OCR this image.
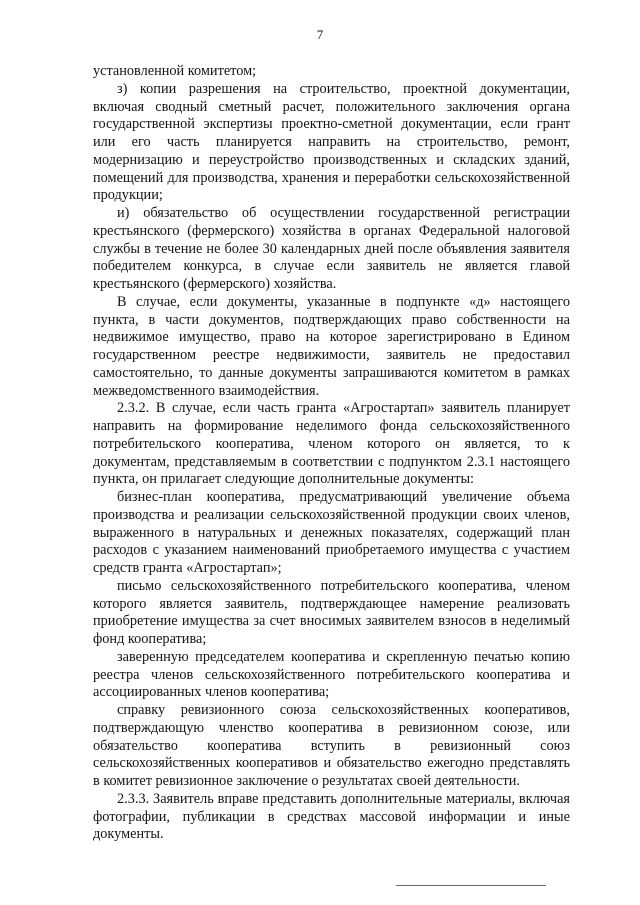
7

установленной комитетом;

з) копии разрешения на строительство, проектной документации, включая сводный сметный расчет, положительного заключения органа государственной экспертизы проектно-сметной документации, если грант или его часть планируется направить на строительство, ремонт, модернизацию и переустройство производственных и складских зданий, помещений для производства, хранения и переработки сельскохозяйственной продукции;

и) обязательство об осуществлении государственной регистрации крестьянского (фермерского) хозяйства в органах Федеральной налоговой службы в течение не более 30 календарных дней после объявления заявителя победителем конкурса, в случае если заявитель не является главой крестьянского (фермерского) хозяйства.

В случае, если документы, указанные в подпункте «д» настоящего пункта, в части документов, подтверждающих право собственности на недвижимое имущество, право на которое зарегистрировано в Едином государственном реестре недвижимости, заявитель не предоставил самостоятельно, то данные документы запрашиваются комитетом в рамках межведомственного взаимодействия.

2.3.2. В случае, если часть гранта «Агростартап» заявитель планирует направить на формирование неделимого фонда сельскохозяйственного потребительского кооператива, членом которого он является, то к документам, представляемым в соответствии с подпунктом 2.3.1 настоящего пункта, он прилагает следующие дополнительные документы:

бизнес-план кооператива, предусматривающий увеличение объема производства и реализации сельскохозяйственной продукции своих членов, выраженного в натуральных и денежных показателях, содержащий план расходов с указанием наименований приобретаемого имущества с участием средств гранта «Агростартап»;

письмо сельскохозяйственного потребительского кооператива, членом которого является заявитель, подтверждающее намерение реализовать приобретение имущества за счет вносимых заявителем взносов в неделимый фонд кооператива;

заверенную председателем кооператива и скрепленную печатью копию реестра членов сельскохозяйственного потребительского кооператива и ассоциированных членов кооператива;

справку ревизионного союза сельскохозяйственных кооперативов, подтверждающую членство кооператива в ревизионном союзе, или обязательство кооператива вступить в ревизионный союз сельскохозяйственных кооперативов и обязательство ежегодно представлять в комитет ревизионное заключение о результатах своей деятельности.

2.3.3. Заявитель вправе представить дополнительные материалы, включая фотографии, публикации в средствах массовой информации и иные документы.
